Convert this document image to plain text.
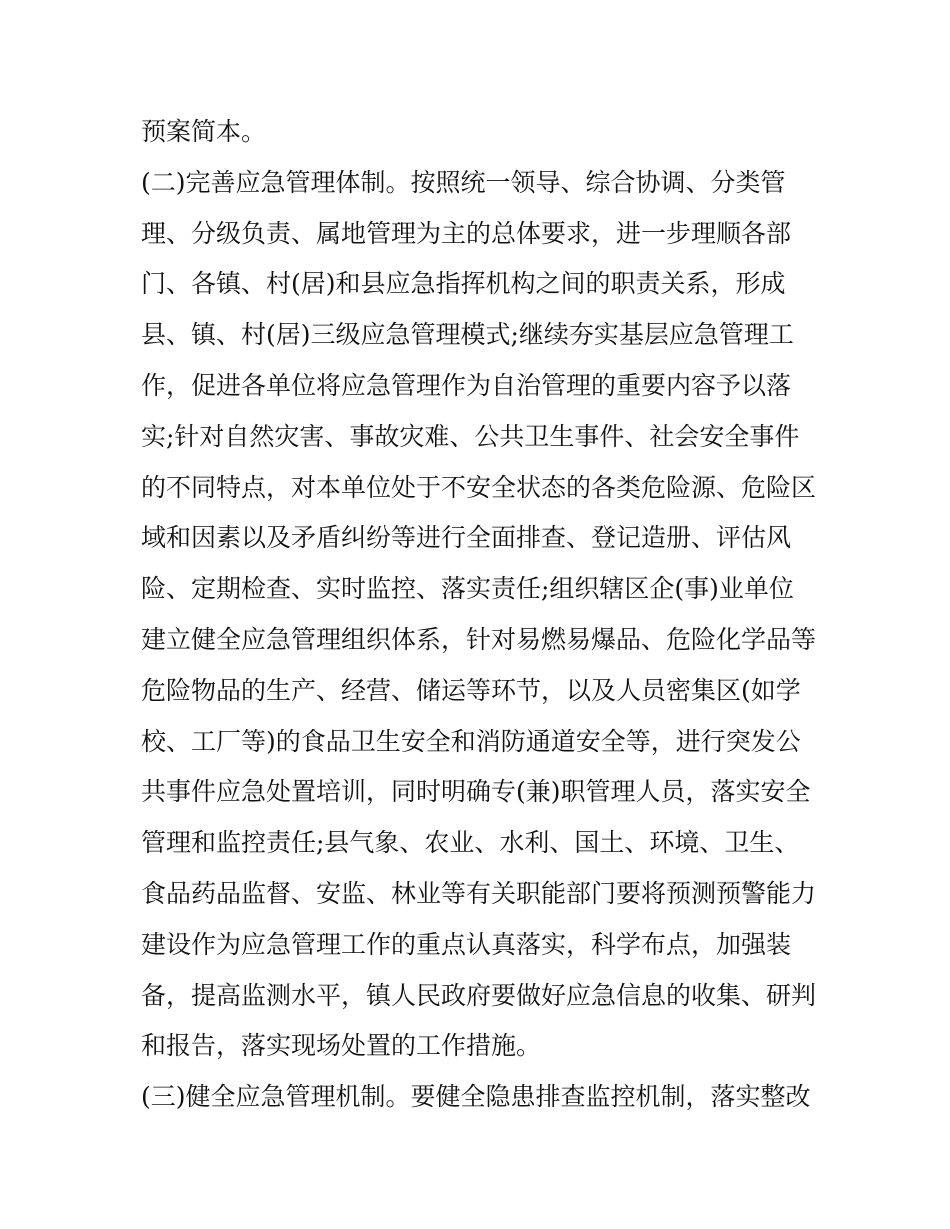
预案简本。

(二)完善应急管理体制。按照统一领导、综合协调、分类管

理、分级负责、属地管理为主的总体要求，进一步理顺各部

门、各镇、村(居)和县应急指挥机构之间的职责关系，形成

县、镇、村(居)三级应急管理模式;继续夯实基层应急管理工

作，促进各单位将应急管理作为自治管理的重要内容予以落

实;针对自然灾害、事故灾难、公共卫生事件、社会安全事件

的不同特点，对本单位处于不安全状态的各类危险源、危险区

域和因素以及矛盾纠纷等进行全面排查、登记造册、评估风

险、定期检查、实时监控、落实责任;组织辖区企(事)业单位

建立健全应急管理组织体系，针对易燃易爆品、危险化学品等

危险物品的生产、经营、储运等环节，以及人员密集区(如学

校、工厂等)的食品卫生安全和消防通道安全等，进行突发公

共事件应急处置培训，同时明确专(兼)职管理人员，落实安全

管理和监控责任;县气象、农业、水利、国土、环境、卫生、

食品药品监督、安监、林业等有关职能部门要将预测预警能力

建设作为应急管理工作的重点认真落实，科学布点，加强装

备，提高监测水平，镇人民政府要做好应急信息的收集、研判

和报告，落实现场处置的工作措施。

(三)健全应急管理机制。要健全隐患排查监控机制，落实整改
